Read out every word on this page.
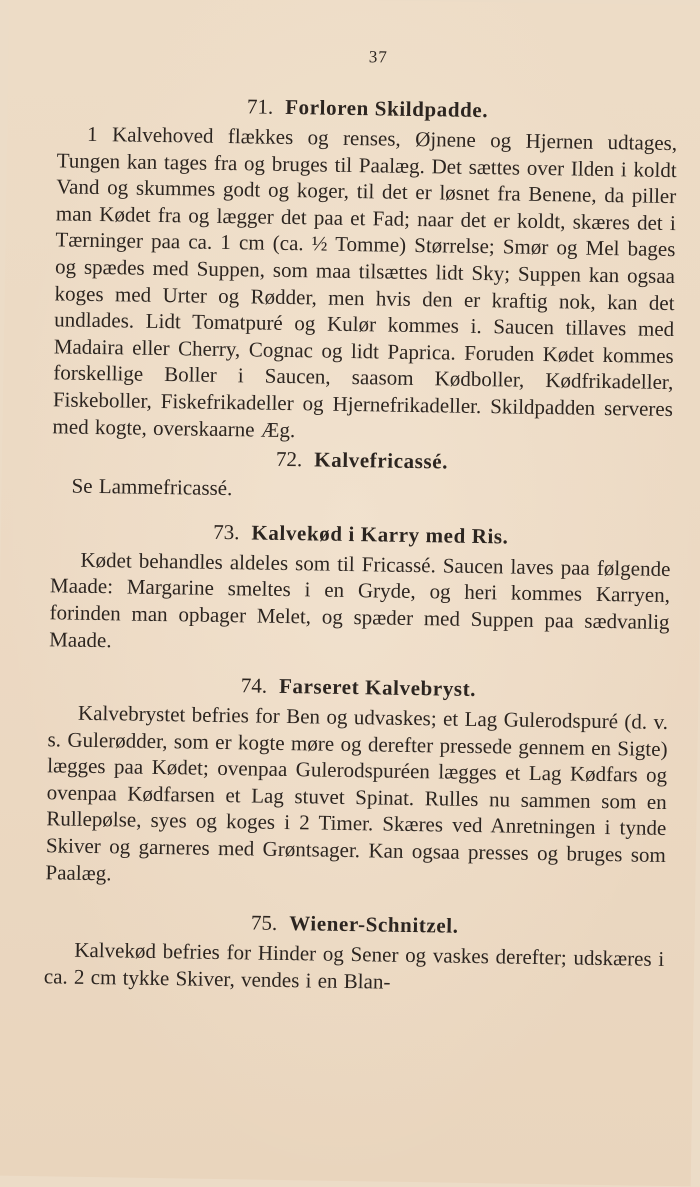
37
71. Forloren Skildpadde.

1 Kalvehoved flækkes og renses, Øjnene og Hjernen udtages, Tungen kan tages fra og bruges til Paalæg. Det sættes over Ilden i koldt Vand og skummes godt og koger, til det er løsnet fra Benene, da piller man Kødet fra og lægger det paa et Fad; naar det er koldt, skæres det i Tærninger paa ca. 1 cm (ca. ½ Tomme) Størrelse; Smør og Mel bages og spædes med Suppen, som maa tilsættes lidt Sky; Suppen kan ogsaa koges med Urter og Rødder, men hvis den er kraftig nok, kan det undlades. Lidt Tomatpuré og Kulør kommes i. Saucen tillaves med Madaira eller Cherry, Cognac og lidt Paprica. Foruden Kødet kommes forskellige Boller i Saucen, saasom Kødboller, Kødfrikadeller, Fiskeboller, Fiskefrikadeller og Hjernefrikadeller. Skildpadden serveres med kogte, overskaarne Æg.

72. Kalvefricassé.

Se Lammefricassé.

73. Kalvekød i Karry med Ris.

Kødet behandles aldeles som til Fricassé. Saucen laves paa følgende Maade: Margarine smeltes i en Gryde, og heri kommes Karryen, forinden man opbager Melet, og spæder med Suppen paa sædvanlig Maade.

74. Farseret Kalvebryst.

Kalvebrystet befries for Ben og udvaskes; et Lag Gulerodspuré (d. v. s. Gulerødder, som er kogte møre og derefter pressede gennem en Sigte) lægges paa Kødet; ovenpaa Gulerodspuréen lægges et Lag Kødfars og ovenpaa Kødfarsen et Lag stuvet Spinat. Rulles nu sammen som en Rullepølse, syes og koges i 2 Timer. Skæres ved Anretningen i tynde Skiver og garneres med Grøntsager. Kan ogsaa presses og bruges som Paalæg.

75. Wiener-Schnitzel.

Kalvekød befries for Hinder og Sener og vaskes derefter; udskæres i ca. 2 cm tykke Skiver, vendes i en Blan-
